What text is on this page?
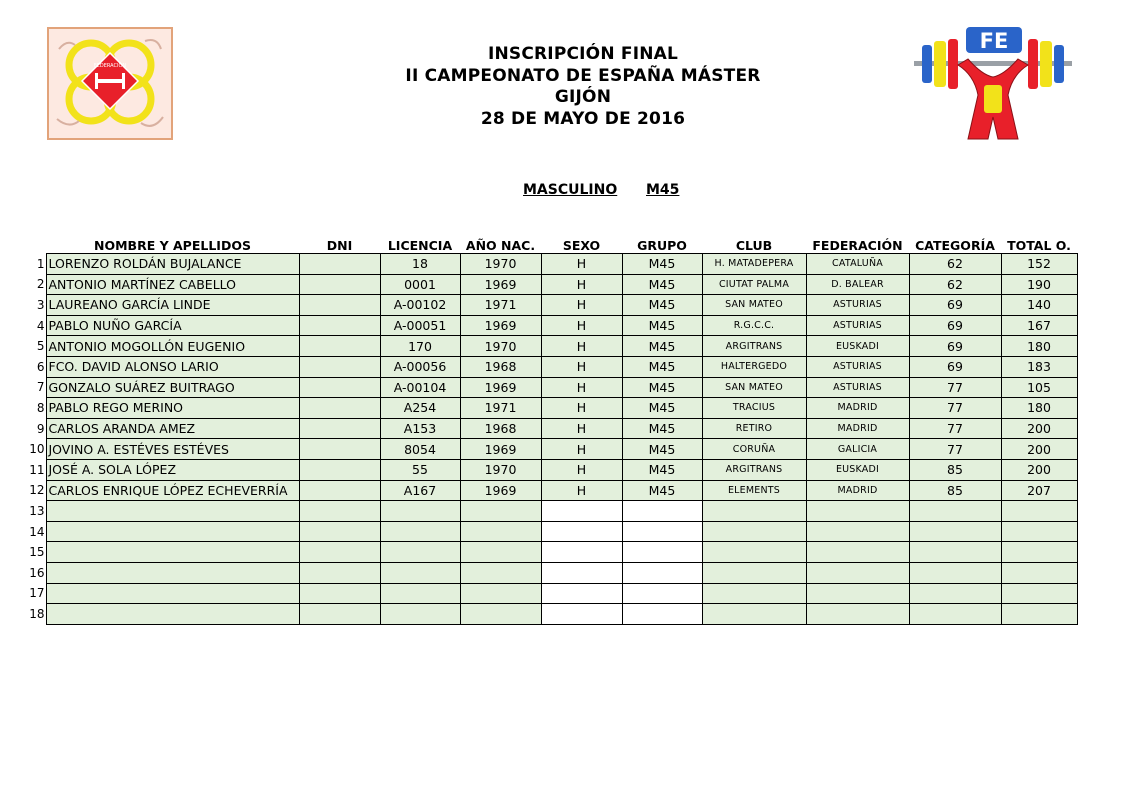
FEDERACIÓN
INSCRIPCIÓN FINAL
II CAMPEONATO DE ESPAÑA MÁSTER
GIJÓN
28 DE MAYO DE 2016
FE
MASCULINO M45
	NOMBRE Y APELLIDOS	DNI	LICENCIA	AÑO NAC.	SEXO	GRUPO	CLUB	FEDERACIÓN	CATEGORÍA	TOTAL O.
1	LORENZO ROLDÁN BUJALANCE		18	1970	H	M45	H. MATADEPERA	CATALUÑA	62	152
2	ANTONIO MARTÍNEZ CABELLO		0001	1969	H	M45	CIUTAT PALMA	D. BALEAR	62	190
3	LAUREANO GARCÍA LINDE		A-00102	1971	H	M45	SAN MATEO	ASTURIAS	69	140
4	PABLO NUÑO GARCÍA		A-00051	1969	H	M45	R.G.C.C.	ASTURIAS	69	167
5	ANTONIO MOGOLLÓN EUGENIO		170	1970	H	M45	ARGITRANS	EUSKADI	69	180
6	FCO. DAVID ALONSO LARIO		A-00056	1968	H	M45	HALTERGEDO	ASTURIAS	69	183
7	GONZALO SUÁREZ BUITRAGO		A-00104	1969	H	M45	SAN MATEO	ASTURIAS	77	105
8	PABLO REGO MERINO		A254	1971	H	M45	TRACIUS	MADRID	77	180
9	CARLOS ARANDA AMEZ		A153	1968	H	M45	RETIRO	MADRID	77	200
10	JOVINO A. ESTÉVES ESTÉVES		8054	1969	H	M45	CORUÑA	GALICIA	77	200
11	JOSÉ A. SOLA LÓPEZ		55	1970	H	M45	ARGITRANS	EUSKADI	85	200
12	CARLOS ENRIQUE LÓPEZ ECHEVERRÍA		A167	1969	H	M45	ELEMENTS	MADRID	85	207
13										
14										
15										
16										
17										
18										
